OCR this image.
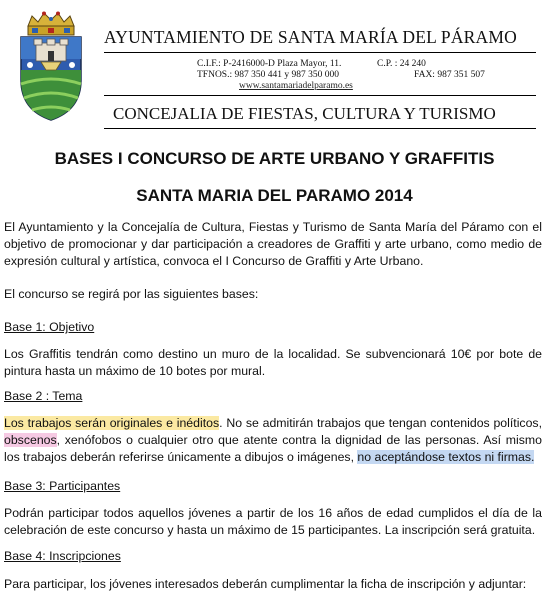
AYUNTAMIENTO DE SANTA MARÍA DEL PÁRAMO
C.I.F.: P-2416000-D Plaza Mayor, 11.	C.P. : 24 240
TFNOS.: 987 350 441 y 987 350 000	FAX: 987 351 507
www.santamariadelparamo.es
CONCEJALIA DE FIESTAS, CULTURA Y TURISMO
BASES I CONCURSO DE ARTE URBANO Y GRAFFITIS
SANTA MARIA DEL PARAMO 2014
El Ayuntamiento y la Concejalía de Cultura, Fiestas y Turismo de Santa María del Páramo con el objetivo de promocionar y dar participación a creadores de Graffiti y arte urbano, como medio de expresión cultural y artística, convoca el I Concurso de Graffiti y Arte Urbano.
El concurso se regirá por las siguientes bases:
Base 1: Objetivo
Los Graffitis tendrán como destino un muro de la localidad. Se subvencionará 10€ por bote de pintura hasta un máximo de 10 botes por mural.
Base 2 : Tema
Los trabajos serán originales e inéditos. No se admitirán trabajos que tengan contenidos políticos, obscenos, xenófobos o cualquier otro que atente contra la dignidad de las personas. Así mismo los trabajos deberán referirse únicamente a dibujos o imágenes, no aceptándose textos ni firmas.
Base 3: Participantes
Podrán participar todos aquellos jóvenes a partir de los 16 años de edad cumplidos el día de la celebración de este concurso y hasta un máximo de 15 participantes. La inscripción será gratuita.
Base 4: Inscripciones
Para participar, los jóvenes interesados deberán cumplimentar la ficha de inscripción y adjuntar:
